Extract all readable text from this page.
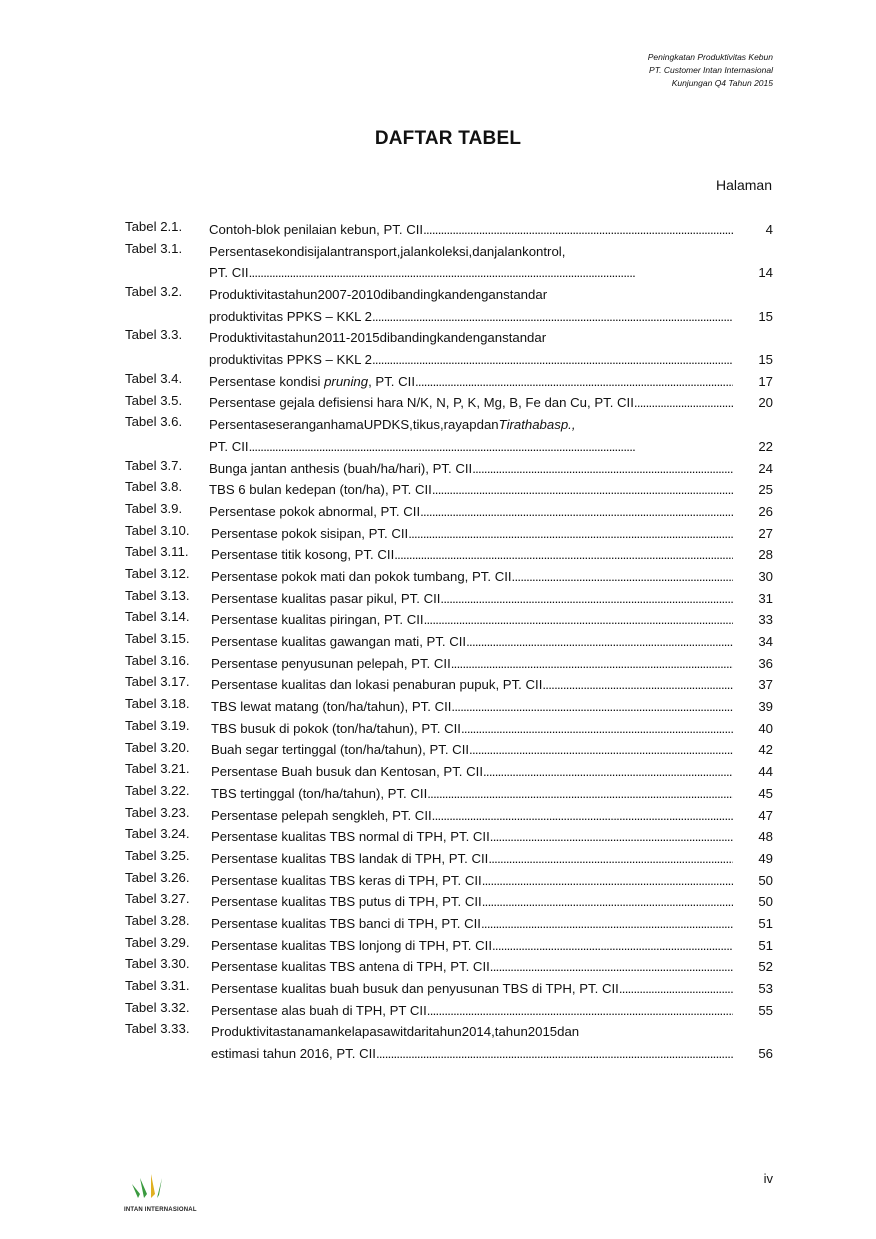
Peningkatan Produktivitas Kebun
PT. Customer Intan Internasional
Kunjungan Q4 Tahun 2015
DAFTAR TABEL
Halaman
Tabel 2.1.	Contoh-blok penilaian kebun, PT. CII . . .	4
Tabel 3.1.	Persentasekondisijalantransport,jalankoleksi,danjalankontrol,
PT. CII . . .	14
Tabel 3.2.	Produktivitastahun2007-2010dibandingkandenganstandar
produktivitas PPKS – KKL 2 . . .	15
Tabel 3.3.	Produktivitastahun2011-2015dibandingkandenganstandar
produktivitas PPKS – KKL 2 . . .	15
Tabel 3.4.	Persentase kondisi pruning, PT. CII . . .	17
Tabel 3.5.	Persentase gejala defisiensi hara N/K, N, P, K, Mg, B, Fe dan Cu, PT. CII . . .	20
Tabel 3.6.	PersentaseseranganhamaUPDKS,tikus,rayapdanTirathabasp.,
PT. CII . . .	22
Tabel 3.7.	Bunga jantan anthesis (buah/ha/hari), PT. CII . . .	24
Tabel 3.8.	TBS 6 bulan kedepan (ton/ha), PT. CII . . .	25
Tabel 3.9.	Persentase pokok abnormal, PT. CII . . .	26
Tabel 3.10.	Persentase pokok sisipan, PT. CII . . .	27
Tabel 3.11.	Persentase titik kosong, PT. CII . . .	28
Tabel 3.12.	Persentase pokok mati dan pokok tumbang, PT. CII . . .	30
Tabel 3.13.	Persentase kualitas pasar pikul, PT. CII . . .	31
Tabel 3.14.	Persentase kualitas piringan, PT. CII . . .	33
Tabel 3.15.	Persentase kualitas gawangan mati, PT. CII . . .	34
Tabel 3.16.	Persentase penyusunan pelepah, PT. CII . . .	36
Tabel 3.17.	Persentase kualitas dan lokasi penaburan pupuk, PT. CII . . .	37
Tabel 3.18.	TBS lewat matang (ton/ha/tahun), PT. CII . . .	39
Tabel 3.19.	TBS busuk di pokok (ton/ha/tahun), PT. CII . . .	40
Tabel 3.20.	Buah segar tertinggal (ton/ha/tahun), PT. CII . . .	42
Tabel 3.21.	Persentase Buah busuk dan Kentosan, PT. CII . . .	44
Tabel 3.22.	TBS tertinggal (ton/ha/tahun), PT. CII . . .	45
Tabel 3.23.	Persentase pelepah sengkleh, PT. CII . . .	47
Tabel 3.24.	Persentase kualitas TBS normal di TPH, PT. CII . . .	48
Tabel 3.25.	Persentase kualitas TBS landak di TPH, PT. CII . . .	49
Tabel 3.26.	Persentase kualitas TBS keras di TPH, PT. CII . . .	50
Tabel 3.27.	Persentase kualitas TBS putus di TPH, PT. CII . . .	50
Tabel 3.28.	Persentase kualitas TBS banci di TPH, PT. CII . . .	51
Tabel 3.29.	Persentase kualitas TBS lonjong di TPH, PT. CII . . .	51
Tabel 3.30.	Persentase kualitas TBS antena di TPH, PT. CII . . .	52
Tabel 3.31.	Persentase kualitas buah busuk dan penyusunan TBS di TPH, PT. CII . . .	53
Tabel 3.32.	Persentase alas buah di TPH, PT CII . . .	55
Tabel 3.33.	Produktivitastanamankelapasawitdaritahun2014,tahun2015dan
estimasi tahun 2016, PT. CII . . .	56
iv
INTAN INTERNASIONAL
